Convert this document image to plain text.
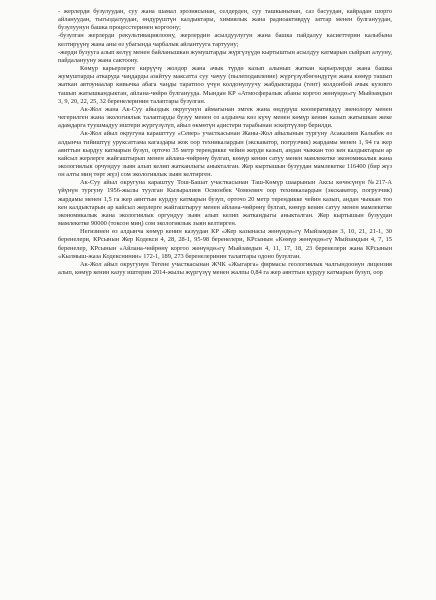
- жерлерди бузулуудан, суу жана шамал эрозиясынан, селдерден, суу ташкынынан, саз басуудан, кайрадан шорго айлануудан, тыгыздалуудан, өндүрүштүн калдыктары, химиялык жана радиоактивдүү заттар менен булгануудан, бузулуунун башка процесстеринен коргоону;

-бузулган жерлерди рекультивациялоону, жерлердин асылдуулугун жана башка пайдалуу касиеттерин калыбына келтирүүнү жана аны өз убагында чарбалык айлантууга тартууну;

-жерди бузууга алып келүү менен байланышкан жумуштарды жүргүзүүдө кыртыштын асылдуу катмарын сыйрып алууну, пайдаланууну жана сактоону.

Көмүр карьерлерге кирүүчү жолдор жана ачык түрдө казып алынып жаткан карьерлерде жана башка жумуштарды аткаруда чаңдарды азайтуу максатта суу чачуу (пылеподавление) жүргүзүлбөгөндүгүн жана көмүр ташып жаткан автоунаалар кивычка абага чаңды таратпоо үчүн колдонулуучу жабдыктарды (тент) колдонбой ачык кузовго ташып жатышкандыктан, айлана-чөйрө булганууда. Мындан КР «Атмосфералык абаны коргоо жөнүндө»гү Мыйзамдын 3, 9, 20, 22, 25, 32 беренелеринин талаптары бузулган.

Ак-Жол жана Ак-Суу айыздык округунун аймагынан эмгек жана өндүрүш кооперативдүү звенолору менен чегерилген жана экологиялык талаптарды бузуу менен оз алдынча көз күчү менен көмүр кенин казып жатышкан жеке адамдарга туушмадуу иштери жүргүзүлүп, айыл өкмөтүн адистери тарабынан эскертүүлөр берилди.

Ак-Жол айыл округуна карашттуу «Север» участкасынан Жаны-Жол айылынын тургуну Асакалиев Калыбек өз алдынча тийиштүү уруксаттама кагаздары жок оор техникалардын (экскаватор, погрузчик) жардамы менен 1, 94 га жер аянттын кырдуу катмарын бузуп, орточо 35 метр терендикке чейин жерди казып, андан чыккан тоо кен калдыктарын ар кайсыл жерлерге жайгаштырып менен айлана-чөйрөнү булгап, көмүр кенин сатуу менен мамлекетке экономикалык жана экологиялык орчундуу зыян алып келип жатканлыгы аныкталган. Жер кыртышын бузуудан мамлекетке 116400 (бир жүз он алты миң төрт жүз) сом экологиялык зыян келтирген.

Ак-Суу айыл округуна караштуу Тош-Башат участкасынан Таш-Көмүр шаарынын Аксы көчөсүнүн №217-А үйүнүн тургуну 1956-жылы туулган Кызыралиев Осмонбек Чомоевич оор техникалардын (экскаватор, погрузчик) жардамы менен 1,5 га жер аянттын курдуу катмарын бузуп, орточо 20 метр терендикке чейин казып, андан чыккан тоо кен калдыктарын ар кайсыл жерлерге жайгаштыруу менен айлана-чөйрөнү булгап, көмүр кенин сатуу менен мамлекетке экономикалык жана экологиялык оргундуу зыян алып келип жаткандыгы аныкталган. Жер кыртышын бузуудан мамлекетке 90000 (токсон миң) сом экологиялык зыян келтирген.

Негизинен өз алдынча көмүр кенин казуудан КР «Жер казынасы жөнүндө»гү Мыйзамдын 3, 10, 21, 21-1, 30 беренелери, КРсынын Жер Кодекси 4, 28, 28-1, 95-98 беренелери, КРсынын «Көмүр жөнүндө»гү Мыйзамдын 4, 7, 15 беренелер, КРсынын «Айлана-чөйрөнү коргоо жөнүндө»гү Мыйзамдын 4, 11, 17, 18, 23 беренелери жана КРсынын «Кылмыш-жаза Кодекснинин» 172-1, 189, 273 беренелеринин талаптары одоно бузулган.

Ак-Жол айыл округунун Тегене участкасынан ЖЧК «Жыгарга» фирмасы геологиялык чалгындоонун лицензия алып, көмүр кенин казуу иштерин 2014-жылы жүргүзүү менен жалпы 0,84 га жер аянттын курдуу катмарын бузуп, оор
